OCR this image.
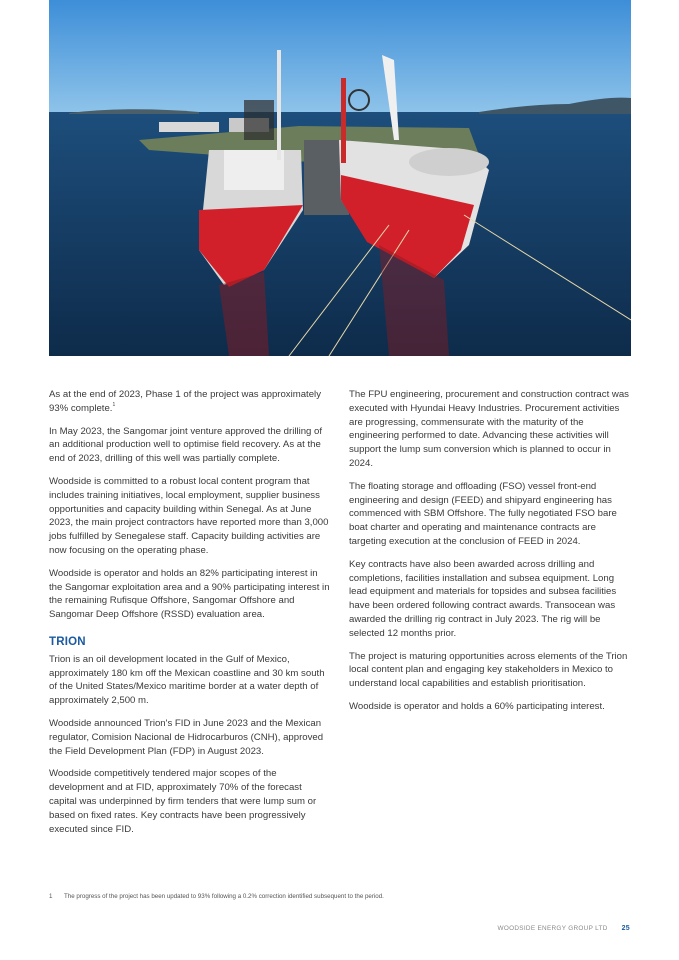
As at the end of 2023, Phase 1 of the project was approximately 93% complete.$^1$

In May 2023, the Sangomar joint venture approved the drilling of an additional production well to optimise field recovery. As at the end of 2023, drilling of this well was partially complete.

Woodside is committed to a robust local content program that includes training initiatives, local employment, supplier business opportunities and capacity building within Senegal. As at June 2023, the main project contractors have reported more than 3,000 jobs fulfilled by Senegalese staff. Capacity building activities are now focusing on the operating phase.

Woodside is operator and holds an 82% participating interest in the Sangomar exploitation area and a 90% participating interest in the remaining Rufisque Offshore, Sangomar Offshore and Sangomar Deep Offshore (RSSD) evaluation area.

TRION

Trion is an oil development located in the Gulf of Mexico, approximately 180 km off the Mexican coastline and 30 km south of the United States/Mexico maritime border at a water depth of approximately 2,500 m.

Woodside announced Trion's FID in June 2023 and the Mexican regulator, Comision Nacional de Hidrocarburos (CNH), approved the Field Development Plan (FDP) in August 2023.

Woodside competitively tendered major scopes of the development and at FID, approximately 70% of the forecast capital was underpinned by firm tenders that were lump sum or based on fixed rates. Key contracts have been progressively executed since FID.

The FPU engineering, procurement and construction contract was executed with Hyundai Heavy Industries. Procurement activities are progressing, commensurate with the maturity of the engineering performed to date. Advancing these activities will support the lump sum conversion which is planned to occur in 2024.

The floating storage and offloading (FSO) vessel front-end engineering and design (FEED) and shipyard engineering has commenced with SBM Offshore. The fully negotiated FSO bare boat charter and operating and maintenance contracts are targeting execution at the conclusion of FEED in 2024.

Key contracts have also been awarded across drilling and completions, facilities installation and subsea equipment. Long lead equipment and materials for topsides and subsea facilities have been ordered following contract awards. Transocean was awarded the drilling rig contract in July 2023. The rig will be selected 12 months prior.

The project is maturing opportunities across elements of the Trion local content plan and engaging key stakeholders in Mexico to understand local capabilities and establish prioritisation.

Woodside is operator and holds a 60% participating interest.

1 The progress of the project has been updated to 93% following a 0.2% correction identified subsequent to the period.
WOODSIDE ENERGY GROUP LTD 25
